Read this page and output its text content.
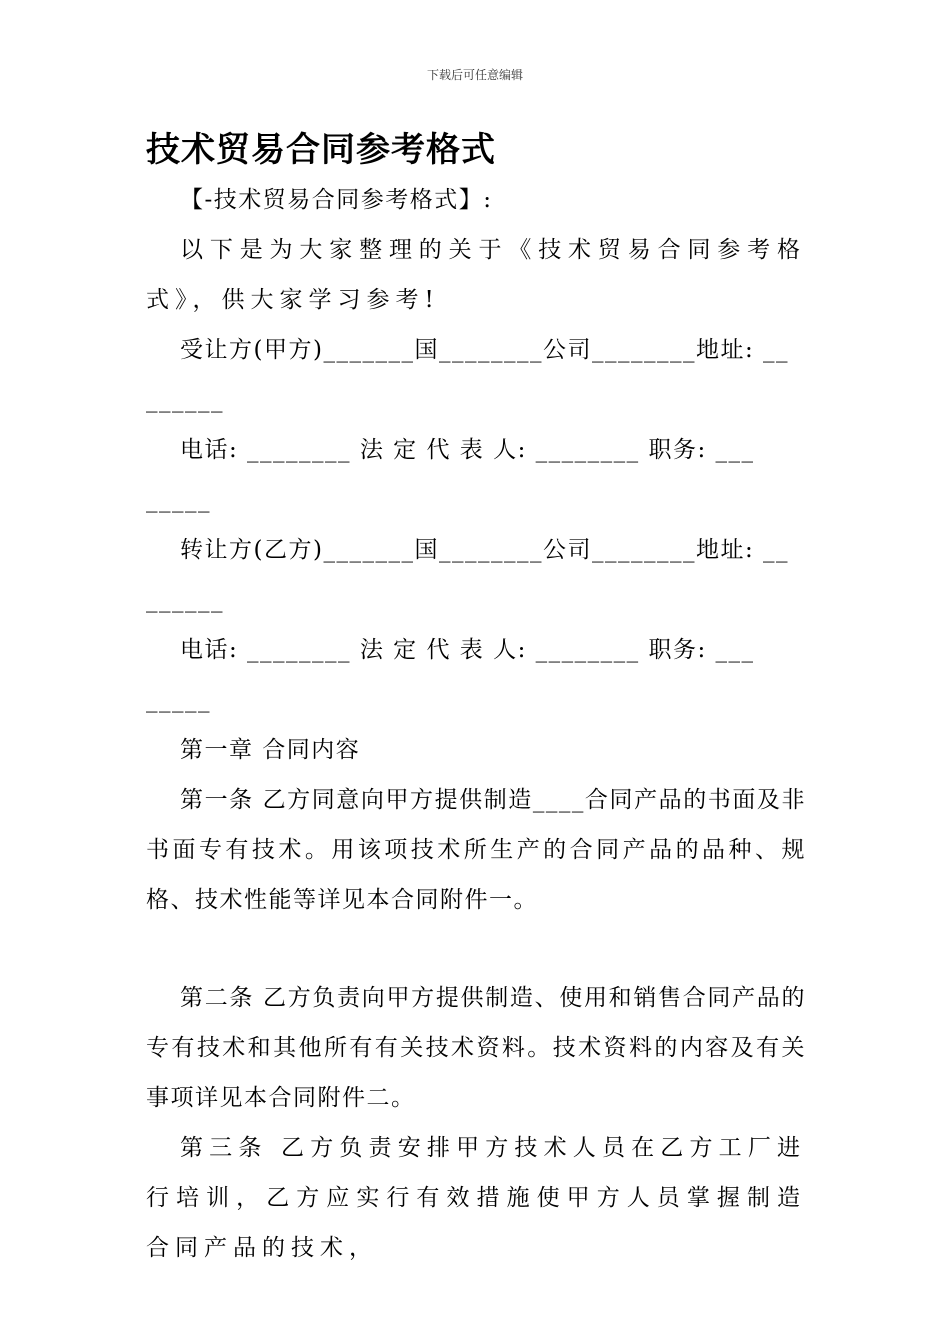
下载后可任意编辑
技术贸易合同参考格式

【-技术贸易合同参考格式】:

以下是为大家整理的关于《技术贸易合同参考格式》，供大家学习参考!

受让方(甲方)_______国________公司________地址: __
______
电话: ________ 法 定 代 表 人: ________ 职务: ___
_____
转让方(乙方)_______国________公司________地址: __
______
电话: ________ 法 定 代 表 人: ________ 职务: ___
_____

第一章 合同内容

第一条 乙方同意向甲方提供制造____合同产品的书面及非书面专有技术。用该项技术所生产的合同产品的品种、规格、技术性能等详见本合同附件一。

第二条 乙方负责向甲方提供制造、使用和销售合同产品的专有技术和其他所有有关技术资料。技术资料的内容及有关事项详见本合同附件二。

第三条 乙方负责安排甲方技术人员在乙方工厂进行培训，乙方应实行有效措施使甲方人员掌握制造合同产品的技术，
